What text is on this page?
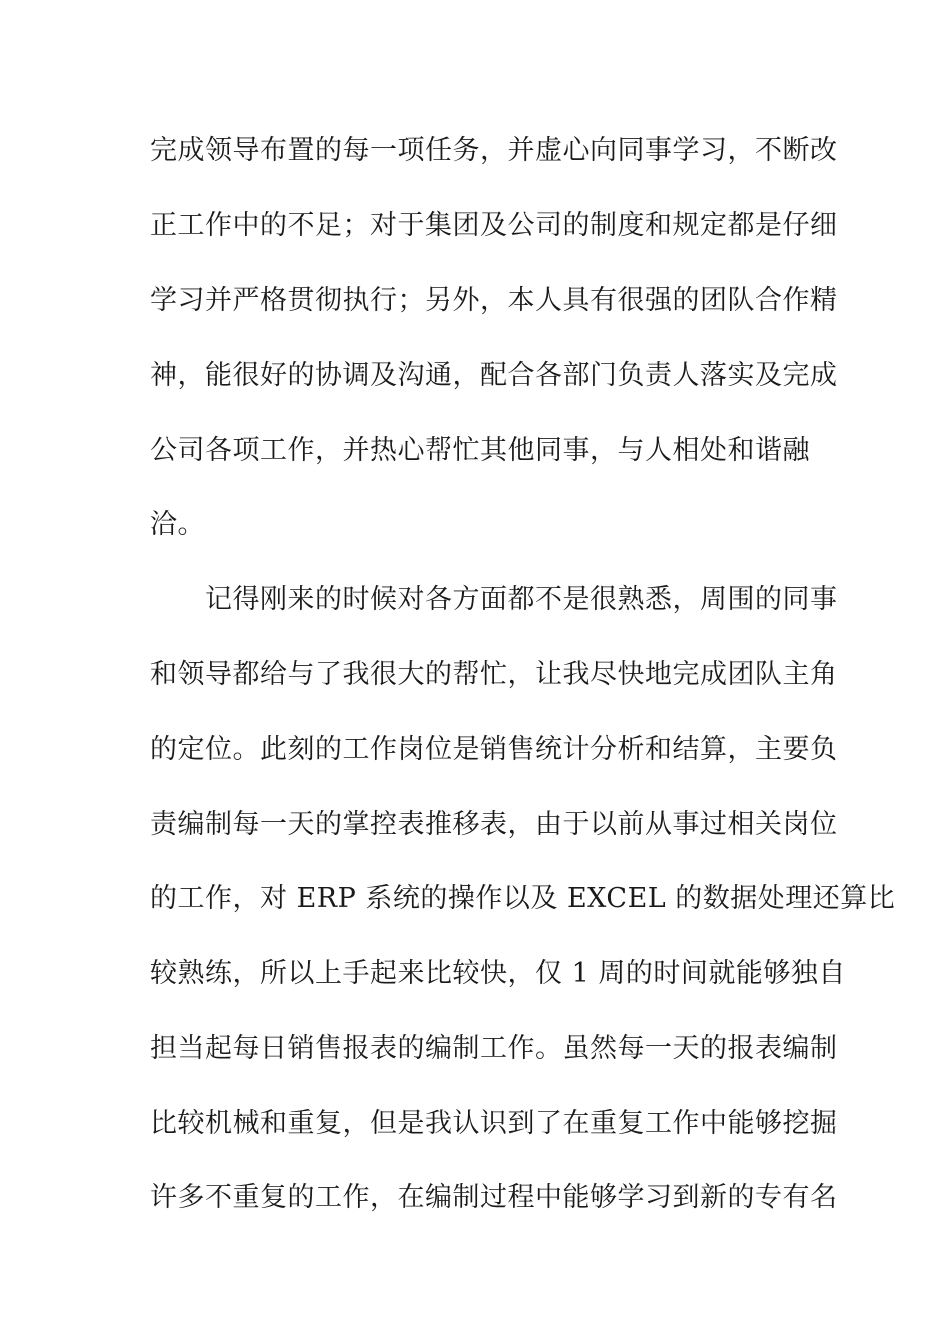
完成领导布置的每一项任务，并虚心向同事学习，不断改
正工作中的不足；对于集团及公司的制度和规定都是仔细
学习并严格贯彻执行；另外，本人具有很强的团队合作精
神，能很好的协调及沟通，配合各部门负责人落实及完成
公司各项工作，并热心帮忙其他同事，与人相处和谐融
洽。
记得刚来的时候对各方面都不是很熟悉，周围的同事
和领导都给与了我很大的帮忙，让我尽快地完成团队主角
的定位。此刻的工作岗位是销售统计分析和结算，主要负
责编制每一天的掌控表推移表，由于以前从事过相关岗位
的工作，对 ERP 系统的操作以及 EXCEL 的数据处理还算比
较熟练，所以上手起来比较快，仅 1 周的时间就能够独自
担当起每日销售报表的编制工作。虽然每一天的报表编制
比较机械和重复，但是我认识到了在重复工作中能够挖掘
许多不重复的工作，在编制过程中能够学习到新的专有名
